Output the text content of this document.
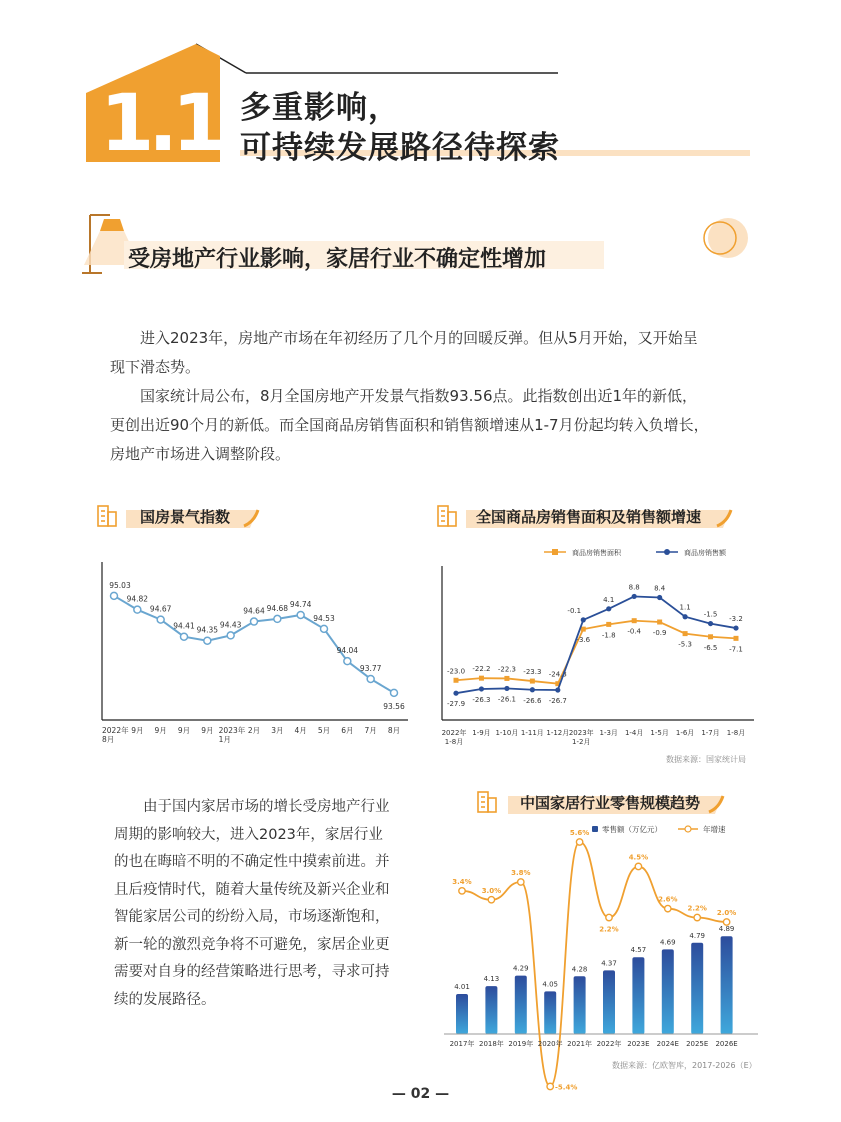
1.1 多重影响，
可持续发展路径待探索
受房地产行业影响，家居行业不确定性增加

进入2023年，房地产市场在年初经历了几个月的回暖反弹。但从5月开始，又开始呈现下滑态势。

国家统计局公布，8月全国房地产开发景气指数93.56点。此指数创出近1年的新低，更创出近90个月的新低。而全国商品房销售面积和销售额增速从1-7月份起均转入负增长，房地产市场进入调整阶段。

国房景气指数	全国商品房销售面积及销售额增速
95.03
94.82
94.67
94.41 94.35
94.43
94.64 94.68 94.74
94.53
94.04
93.77
93.56
2022年 8月
9月 9月 9月 9月 2023年 1月
2月 3月 4月 5月 6月 7月 8月
商品房销售面积
-23.0 -22.2 -22.3 -23.3 -24.3
-3.6
-1.8 -0.4 -0.9
-5.3 -6.5 -7.1
商品房销售额
-27.9
-26.3 -26.1 -26.6 -26.7
-0.1
4.1
8.8 8.4
1.1
-1.5
-3.2
2022年 1-8月
1-9月 1-10月 1-11月 1-12月 2023年 1-2月
1-3月 1-4月 1-5月 1-6月 1-7月 1-8月
数据来源：国家统计局

由于国内家居市场的增长受房地产行业周期的影响较大，进入2023年，家居行业的也在晦暗不明的不确定性中摸索前进。并且后疫情时代，随着大量传统及新兴企业和智能家居公司的纷纷入局，市场逐渐饱和，新一轮的激烈竞争将不可避免，家居企业更需要对自身的经营策略进行思考，寻求可持续的发展路径。

中国家居行业零售规模趋势
零售额（万亿元）	年增速
4.01
4.13
4.29
4.05
4.28
4.37
4.57
4.69
4.79
4.89
3.4%
3.0%
3.8%
-5.4%
5.6%
2.2%
4.5%
2.6%
2.2%
2.0%
2017年 2018年 2019年 2020年 2021年 2022年 2023E 2024E 2025E 2026E
数据来源：亿欧智库，2017-2026（E）
— 02 —
